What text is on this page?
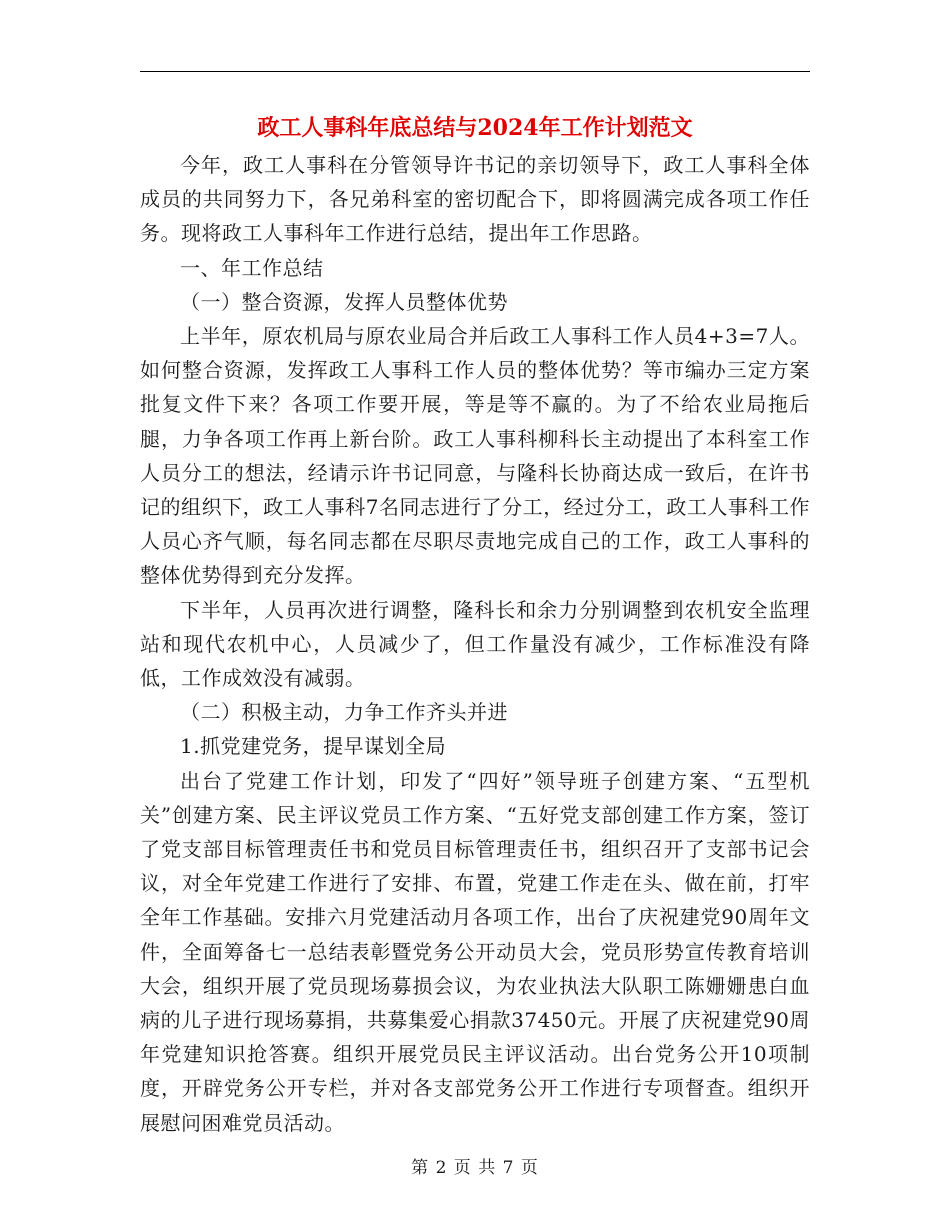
政工人事科年底总结与2024年工作计划范文

今年，政工人事科在分管领导许书记的亲切领导下，政工人事科全体成员的共同努力下，各兄弟科室的密切配合下，即将圆满完成各项工作任务。现将政工人事科年工作进行总结，提出年工作思路。

一、年工作总结

（一）整合资源，发挥人员整体优势

上半年，原农机局与原农业局合并后政工人事科工作人员4+3=7人。如何整合资源，发挥政工人事科工作人员的整体优势？等市编办三定方案批复文件下来？各项工作要开展，等是等不赢的。为了不给农业局拖后腿，力争各项工作再上新台阶。政工人事科柳科长主动提出了本科室工作人员分工的想法，经请示许书记同意，与隆科长协商达成一致后，在许书记的组织下，政工人事科7名同志进行了分工，经过分工，政工人事科工作人员心齐气顺，每名同志都在尽职尽责地完成自己的工作，政工人事科的整体优势得到充分发挥。

下半年，人员再次进行调整，隆科长和余力分别调整到农机安全监理站和现代农机中心，人员减少了，但工作量没有减少，工作标准没有降低，工作成效没有减弱。

（二）积极主动，力争工作齐头并进

1.抓党建党务，提早谋划全局

出台了党建工作计划，印发了“四好”领导班子创建方案、“五型机关”创建方案、民主评议党员工作方案、“五好党支部创建工作方案，签订了党支部目标管理责任书和党员目标管理责任书，组织召开了支部书记会议，对全年党建工作进行了安排、布置，党建工作走在头、做在前，打牢全年工作基础。安排六月党建活动月各项工作，出台了庆祝建党90周年文件，全面筹备七一总结表彰暨党务公开动员大会，党员形势宣传教育培训大会，组织开展了党员现场募损会议，为农业执法大队职工陈姗姗患白血病的儿子进行现场募捐，共募集爱心捐款37450元。开展了庆祝建党90周年党建知识抢答赛。组织开展党员民主评议活动。出台党务公开10项制度，开辟党务公开专栏，并对各支部党务公开工作进行专项督查。组织开展慰问困难党员活动。

第 2 页 共 7 页
